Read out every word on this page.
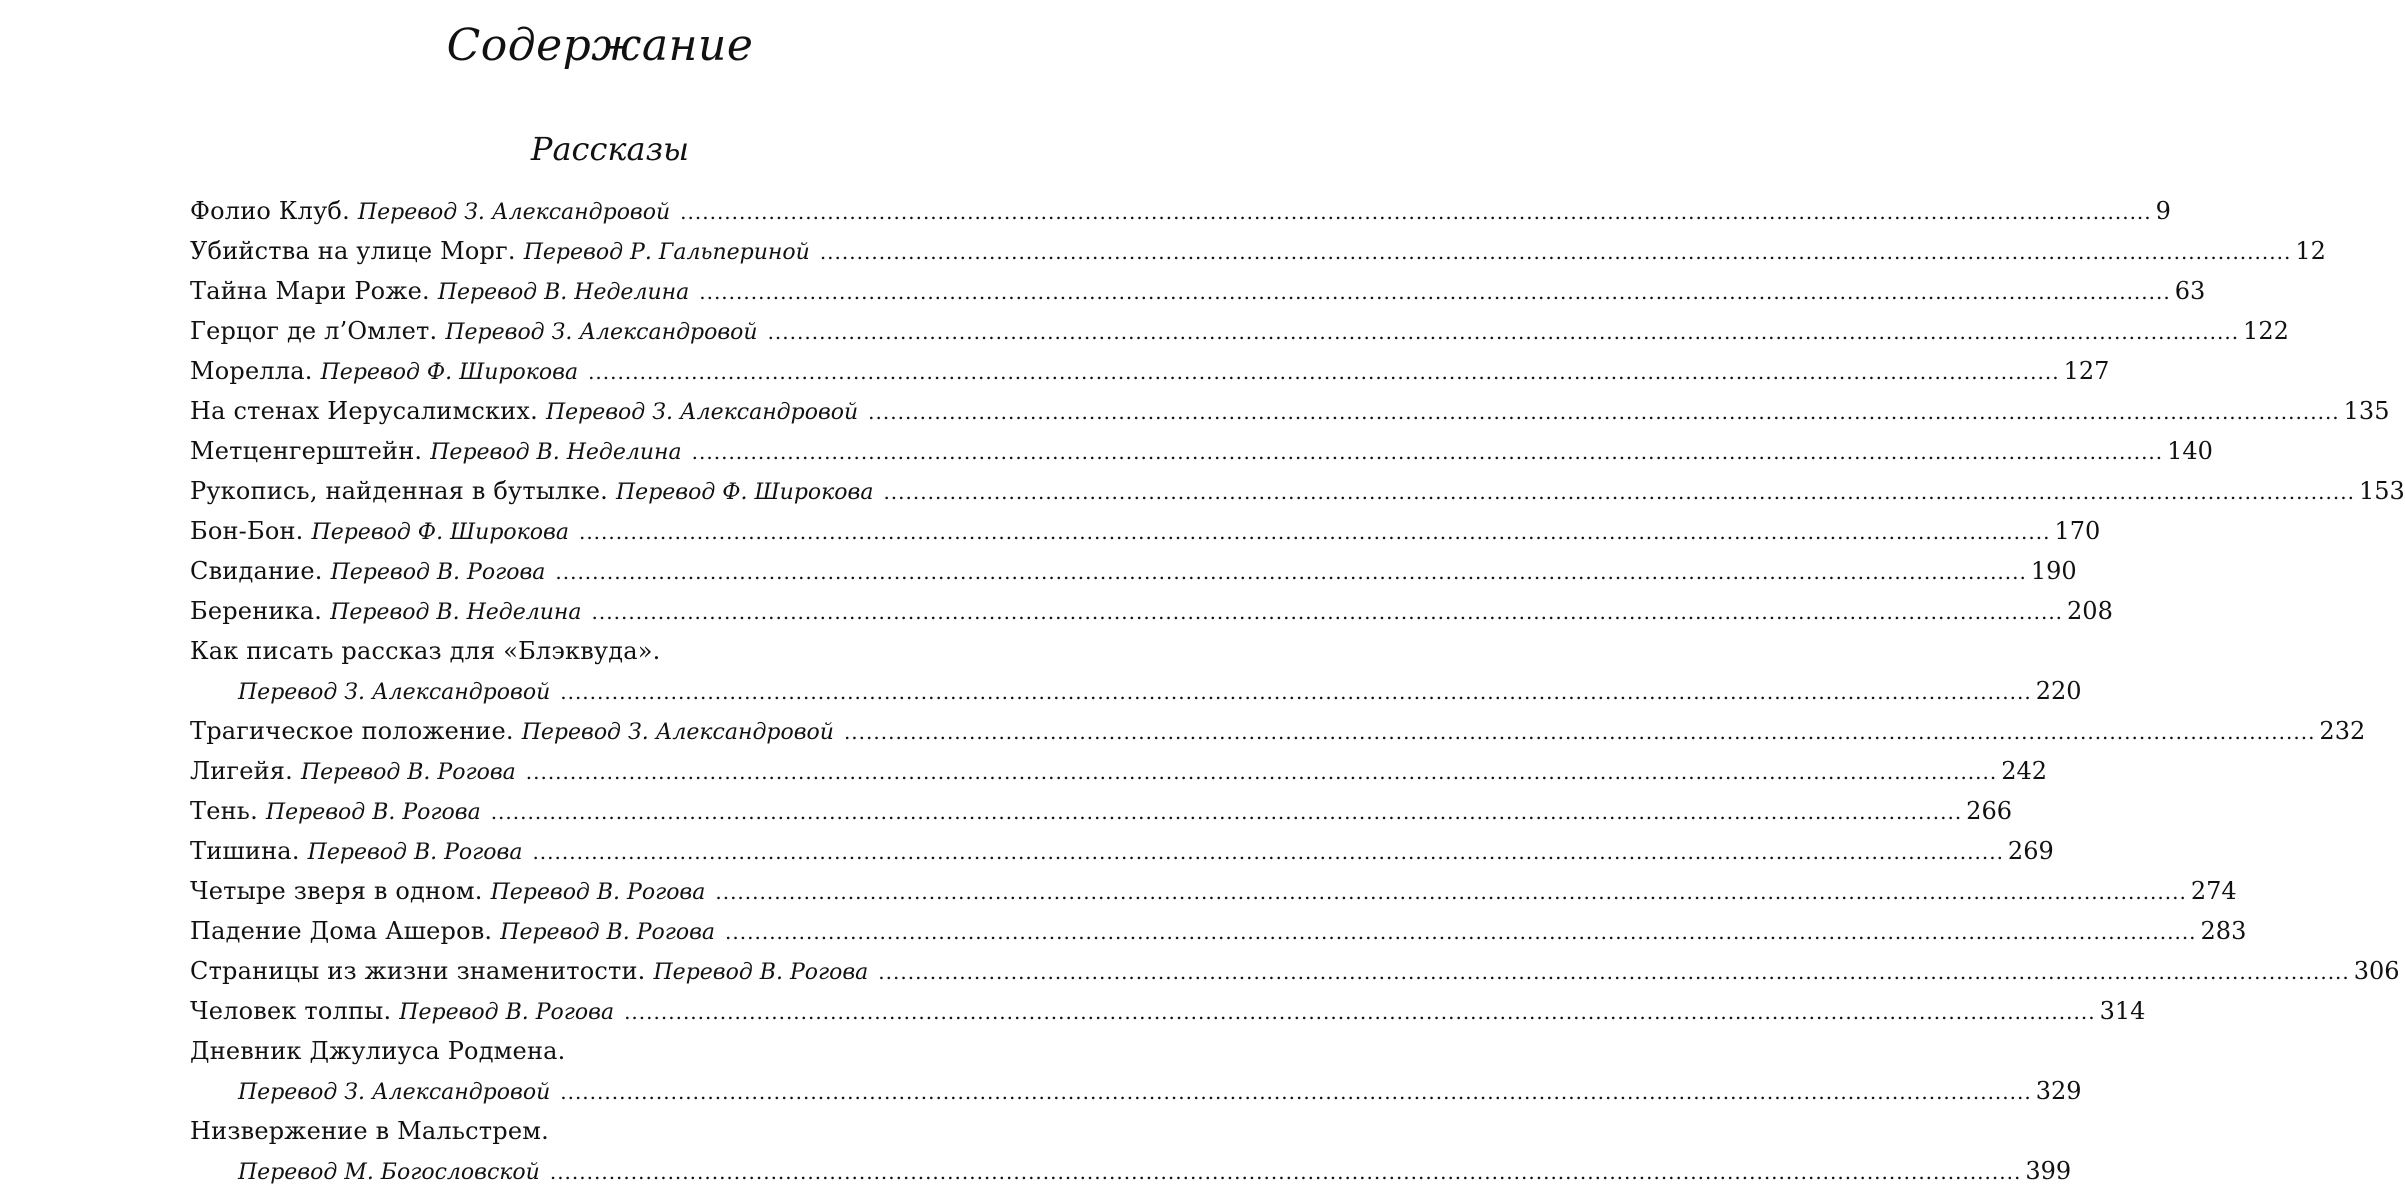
Содержание
Рассказы
Фолио Клуб. Перевод З. Александровой ........................................................................................................................................................................................................ 9
Убийства на улице Морг. Перевод Р. Гальпериной ........................................................................................................................................................................................................ 12
Тайна Мари Роже. Перевод В. Неделина ........................................................................................................................................................................................................ 63
Герцог де л’Омлет. Перевод З. Александровой ........................................................................................................................................................................................................ 122
Морелла. Перевод Ф. Широкова ........................................................................................................................................................................................................ 127
На стенах Иерусалимских. Перевод З. Александровой ........................................................................................................................................................................................................ 135
Метценгерштейн. Перевод В. Неделина ........................................................................................................................................................................................................ 140
Рукопись, найденная в бутылке. Перевод Ф. Широкова ........................................................................................................................................................................................................ 153
Бон-Бон. Перевод Ф. Широкова ........................................................................................................................................................................................................ 170
Свидание. Перевод В. Рогова ........................................................................................................................................................................................................ 190
Береника. Перевод В. Неделина ........................................................................................................................................................................................................ 208
Как писать рассказ для «Блэквуда».
Перевод З. Александровой ........................................................................................................................................................................................................ 220
Трагическое положение. Перевод З. Александровой ........................................................................................................................................................................................................ 232
Лигейя. Перевод В. Рогова ........................................................................................................................................................................................................ 242
Тень. Перевод В. Рогова ........................................................................................................................................................................................................ 266
Тишина. Перевод В. Рогова ........................................................................................................................................................................................................ 269
Четыре зверя в одном. Перевод В. Рогова ........................................................................................................................................................................................................ 274
Падение Дома Ашеров. Перевод В. Рогова ........................................................................................................................................................................................................ 283
Страницы из жизни знаменитости. Перевод В. Рогова ........................................................................................................................................................................................................ 306
Человек толпы. Перевод В. Рогова ........................................................................................................................................................................................................ 314
Дневник Джулиуса Родмена.
Перевод З. Александровой ........................................................................................................................................................................................................ 329
Низвержение в Мальстрем.
Перевод М. Богословской ........................................................................................................................................................................................................ 399
